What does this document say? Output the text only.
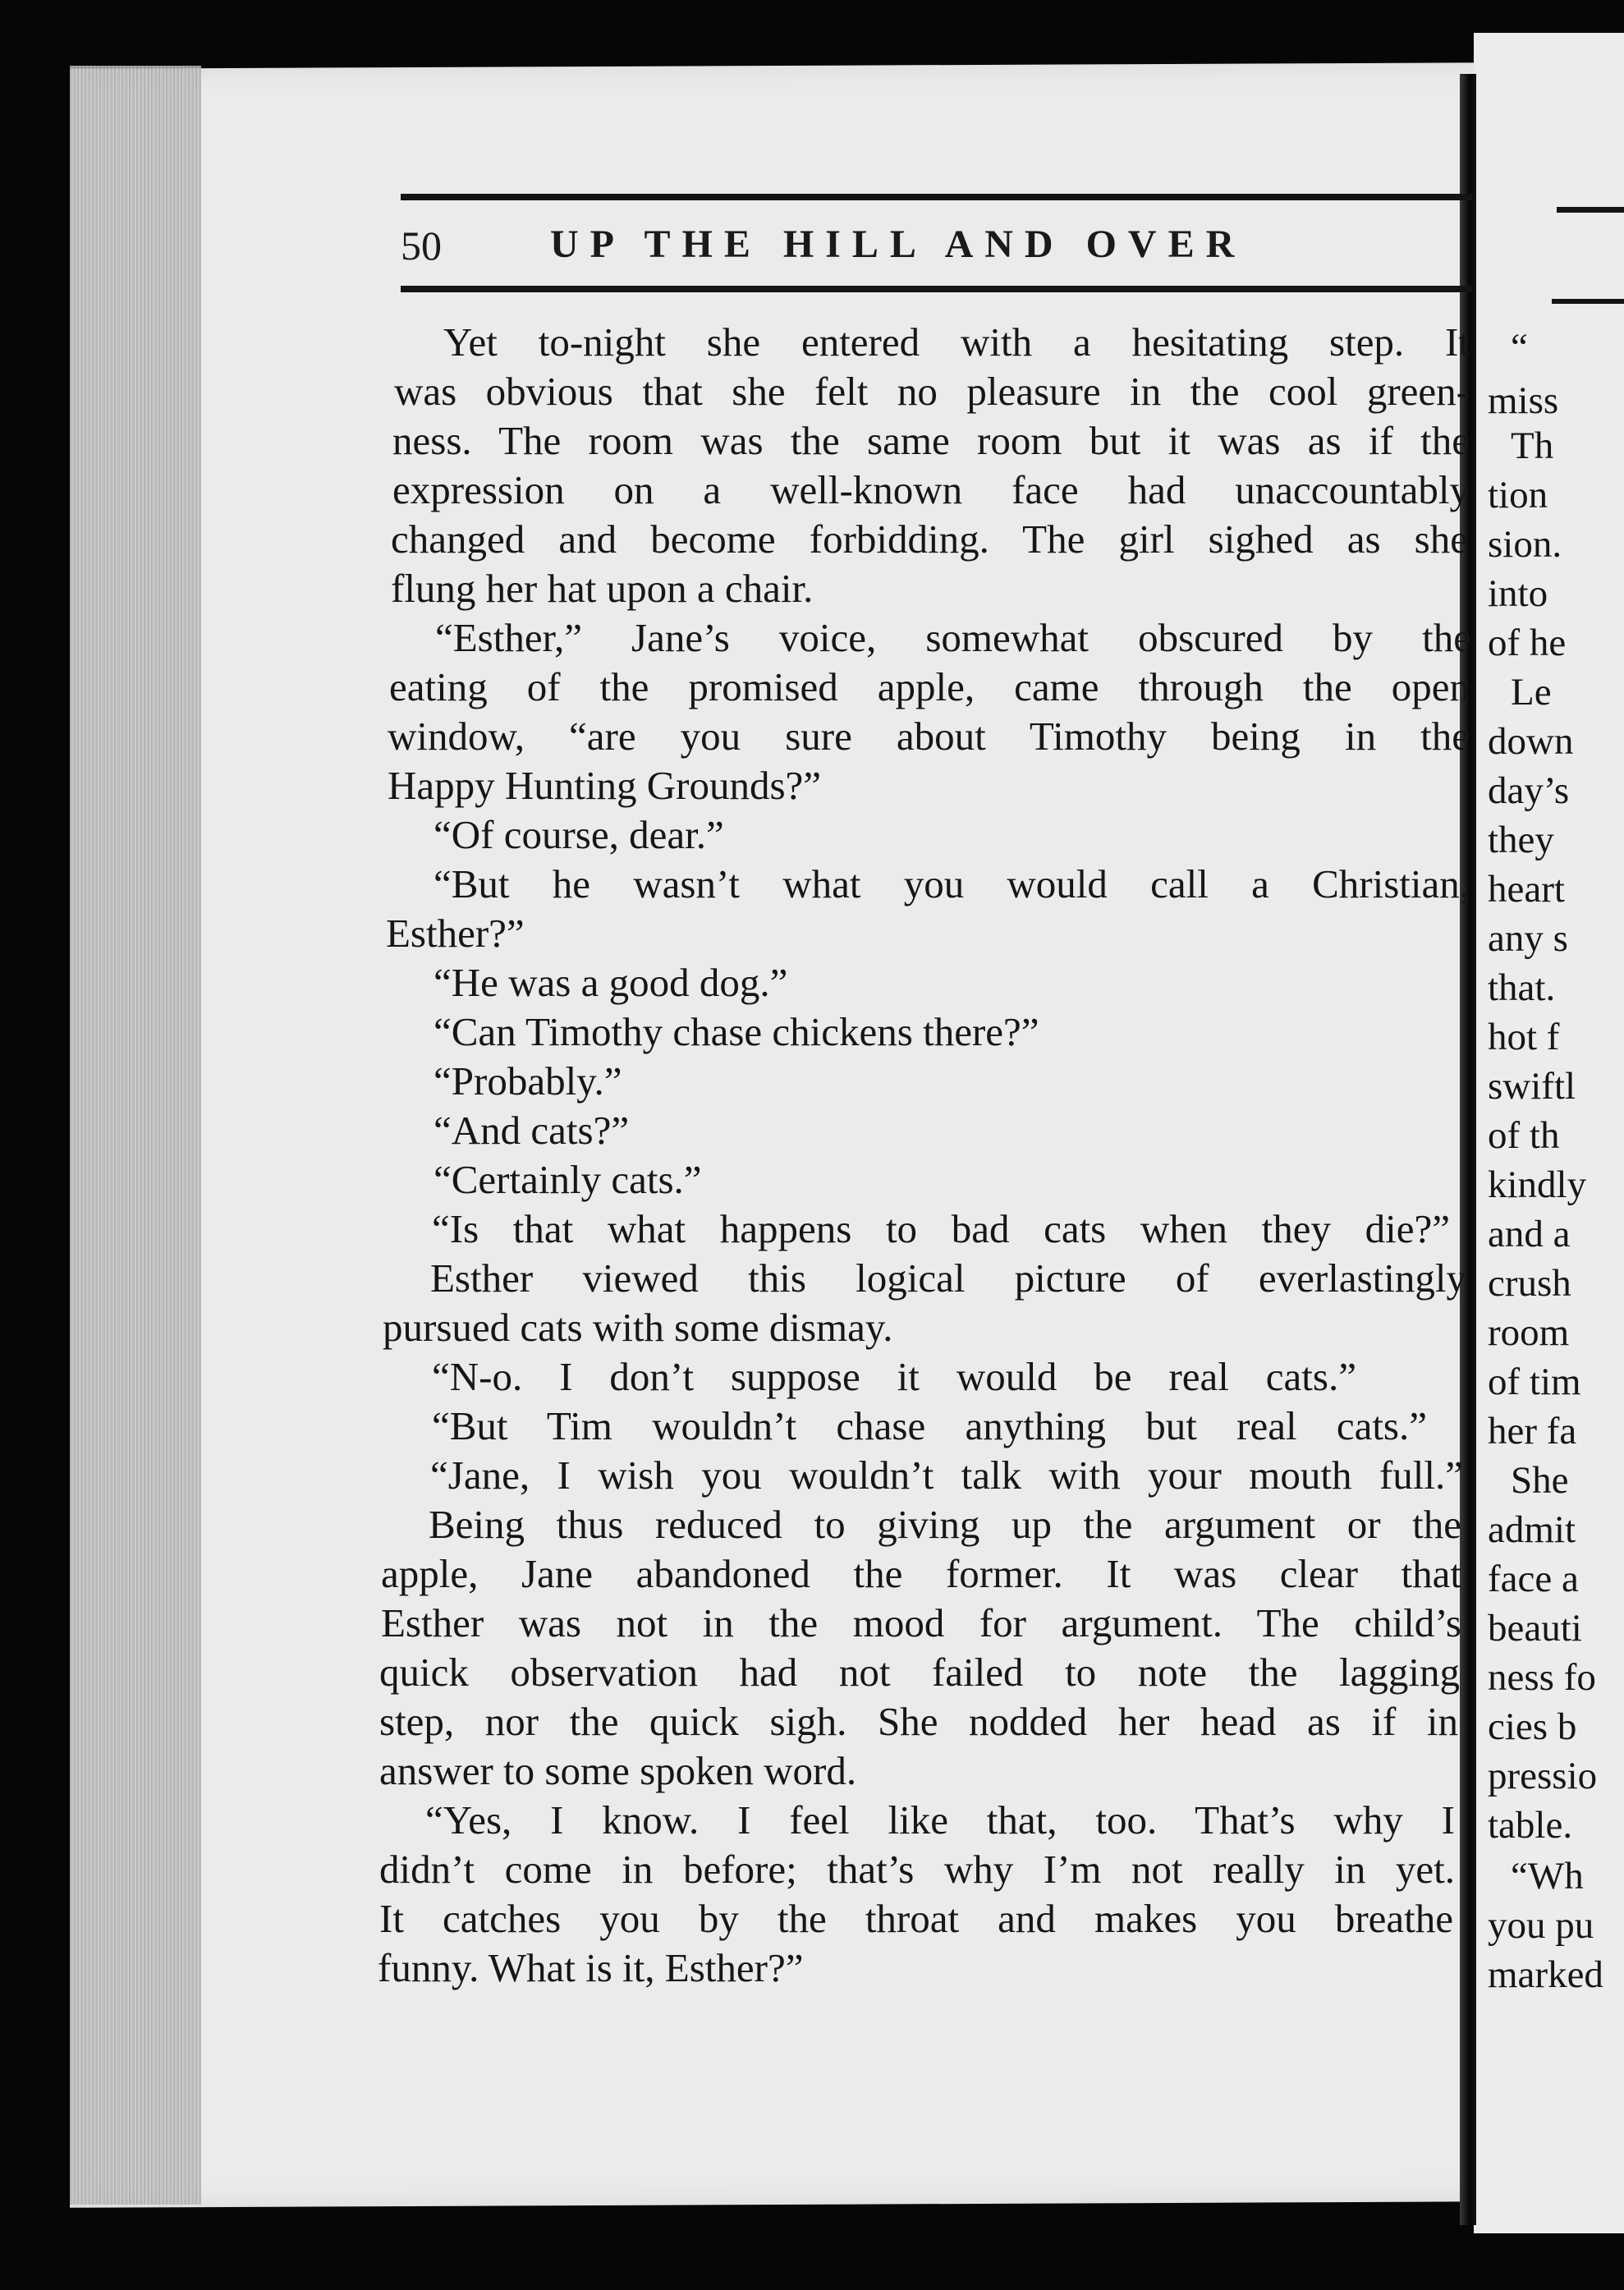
50	UP THE HILL AND OVER
Yet to-night she entered with a hesitating step. It
was obvious that she felt no pleasure in the cool green-
ness. The room was the same room but it was as if the
expression on a well-known face had unaccountably
changed and become forbidding. The girl sighed as she
flung her hat upon a chair.
“Esther,” Jane’s voice, somewhat obscured by the
eating of the promised apple, came through the open
window, “are you sure about Timothy being in the
Happy Hunting Grounds?”
“Of course, dear.”
“But he wasn’t what you would call a Christian,
Esther?”
“He was a good dog.”
“Can Timothy chase chickens there?”
“Probably.”
“And cats?”
“Certainly cats.”
“Is that what happens to bad cats when they die?”
Esther viewed this logical picture of everlastingly
pursued cats with some dismay.
“N-o. I don’t suppose it would be real cats.”
“But Tim wouldn’t chase anything but real cats.”
“Jane, I wish you wouldn’t talk with your mouth full.”
Being thus reduced to giving up the argument or the
apple, Jane abandoned the former. It was clear that
Esther was not in the mood for argument. The child’s
quick observation had not failed to note the lagging
step, nor the quick sigh. She nodded her head as if in
answer to some spoken word.
“Yes, I know. I feel like that, too. That’s why I
didn’t come in before; that’s why I’m not really in yet.
It catches you by the throat and makes you breathe
funny. What is it, Esther?”
“
miss
Th
tion
sion.
into
of he
Le
down
day’s
they
heart
any s
that.
hot f
swiftl
of th
kindly
and a
crush
room
of tim
her fa
She
admit
face a
beauti
ness fo
cies b
pressio
table.
“Wh
you pu
marked
